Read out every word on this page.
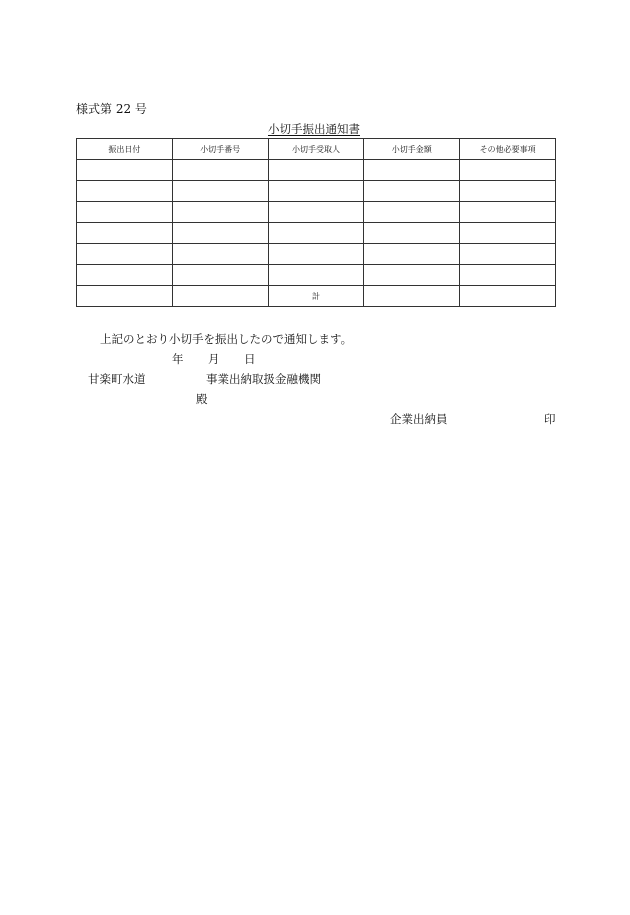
様式第 22 号
小切手振出通知書
振出日付	小切手番号	小切手受取人	小切手金額	その他必要事項

		計		
上記のとおり小切手を振出したので通知します。
年 月 日
甘楽町水道	事業出納取扱金融機関
殿
企業出納員	印
